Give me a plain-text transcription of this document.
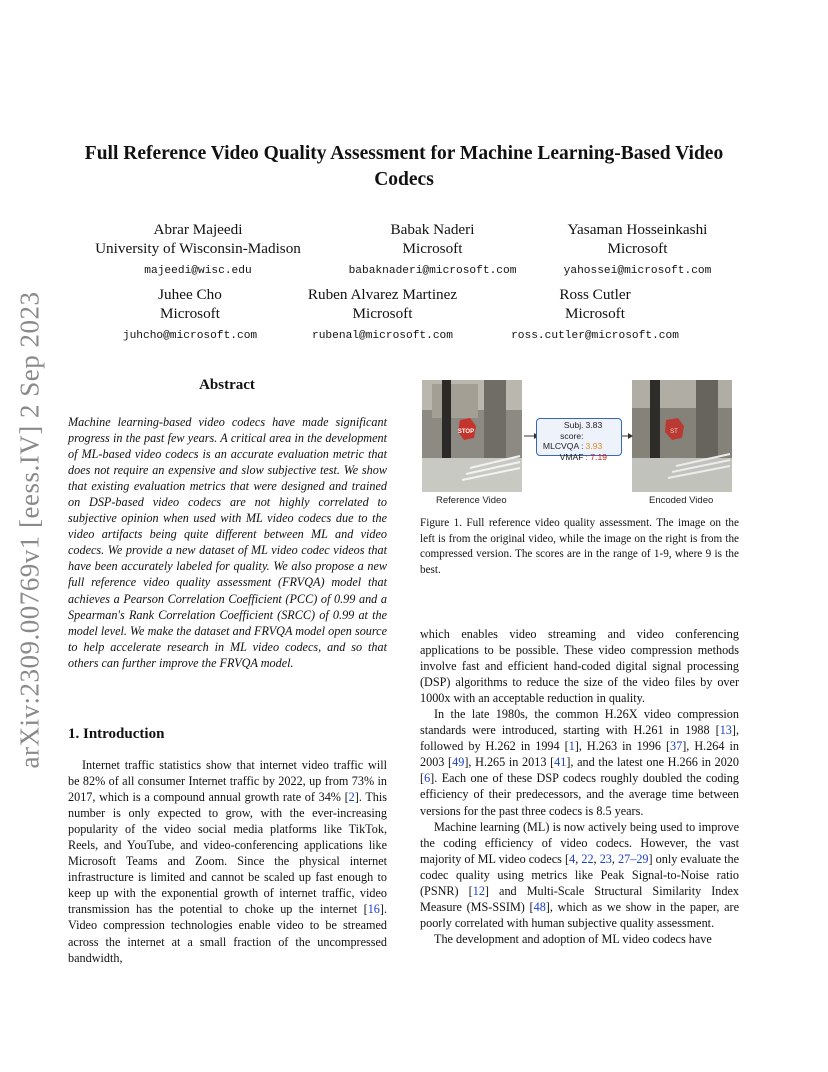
arXiv:2309.00769v1 [eess.IV] 2 Sep 2023
Full Reference Video Quality Assessment for Machine Learning-Based Video
Codecs
Abrar Majeedi
University of Wisconsin-Madison
majeedi@wisc.edu
Babak Naderi
Microsoft
babaknaderi@microsoft.com
Yasaman Hosseinkashi
Microsoft
yahossei@microsoft.com
Juhee Cho
Microsoft
juhcho@microsoft.com
Ruben Alvarez Martinez
Microsoft
rubenal@microsoft.com
Ross Cutler
Microsoft
ross.cutler@microsoft.com
Abstract
Machine learning-based video codecs have made significant progress in the past few years. A critical area in the development of ML-based video codecs is an accurate evaluation metric that does not require an expensive and slow subjective test. We show that existing evaluation metrics that were designed and trained on DSP-based video codecs are not highly correlated to subjective opinion when used with ML video codecs due to the video artifacts being quite different between ML and video codecs. We provide a new dataset of ML video codec videos that have been accurately labeled for quality. We also propose a new full reference video quality assessment (FRVQA) model that achieves a Pearson Correlation Coefficient (PCC) of 0.99 and a Spearman's Rank Correlation Coefficient (SRCC) of 0.99 at the model level. We make the dataset and FRVQA model open source to help accelerate research in ML video codecs, and so that others can further improve the FRVQA model.
STOP	ST
Subj. score:
3.83
MLCVQA : 3.93
VMAF : 7.19
Reference Video	Encoded Video
Figure 1. Full reference video quality assessment. The image on the left is from the original video, while the image on the right is from the compressed version. The scores are in the range of 1-9, where 9 is the best.
1. Introduction

Internet traffic statistics show that internet video traffic will be 82% of all consumer Internet traffic by 2022, up from 73% in 2017, which is a compound annual growth rate of 34% [2]. This number is only expected to grow, with the ever-increasing popularity of the video social media platforms like TikTok, Reels, and YouTube, and video-conferencing applications like Microsoft Teams and Zoom. Since the physical internet infrastructure is limited and cannot be scaled up fast enough to keep up with the exponential growth of internet traffic, video transmission has the potential to choke up the internet [16]. Video compression technologies enable video to be streamed across the internet at a small fraction of the uncompressed bandwidth,

which enables video streaming and video conferencing applications to be possible. These video compression methods involve fast and efficient hand-coded digital signal processing (DSP) algorithms to reduce the size of the video files by over 1000x with an acceptable reduction in quality.

In the late 1980s, the common H.26X video compression standards were introduced, starting with H.261 in 1988 [13], followed by H.262 in 1994 [1], H.263 in 1996 [37], H.264 in 2003 [49], H.265 in 2013 [41], and the latest one H.266 in 2020 [6]. Each one of these DSP codecs roughly doubled the coding efficiency of their predecessors, and the average time between versions for the past three codecs is 8.5 years.

Machine learning (ML) is now actively being used to improve the coding efficiency of video codecs. However, the vast majority of ML video codecs [4, 22, 23, 27–29] only evaluate the codec quality using metrics like Peak Signal-to-Noise ratio (PSNR) [12] and Multi-Scale Structural Similarity Index Measure (MS-SSIM) [48], which as we show in the paper, are poorly correlated with human subjective quality assessment.

The development and adoption of ML video codecs have
